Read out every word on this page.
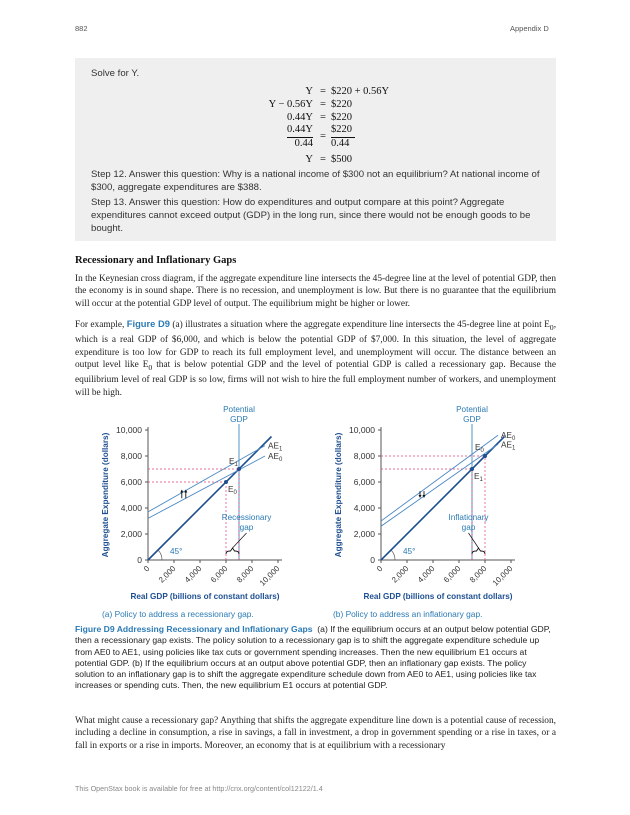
882	Appendix D

Solve for Y.

Y = $220 + 0.56Y
Y − 0.56Y = $220
0.44Y = $220
0.44Y
0.44
=
$220
0.44
Y = $500

Step 12. Answer this question: Why is a national income of $300 not an equilibrium? At national income of $300, aggregate expenditures are $388.

Step 13. Answer this question: How do expenditures and output compare at this point? Aggregate expenditures cannot exceed output (GDP) in the long run, since there would not be enough goods to be bought.

Recessionary and Inflationary Gaps

In the Keynesian cross diagram, if the aggregate expenditure line intersects the 45-degree line at the level of potential GDP, then the economy is in sound shape. There is no recession, and unemployment is low. But there is no guarantee that the equilibrium will occur at the potential GDP level of output. The equilibrium might be higher or lower.

For example, Figure D9 (a) illustrates a situation where the aggregate expenditure line intersects the 45-degree line at point $E_0$, which is a real GDP of $6,000, and which is below the potential GDP of $7,000. In this situation, the level of aggregate expenditure is too low for GDP to reach its full employment level, and unemployment will occur. The distance between an output level like $E_0$ that is below potential GDP and the level of potential GDP is called a recessionary gap. Because the equilibrium level of real GDP is so low, firms will not wish to hire the full employment number of workers, and unemployment will be high.

0
2,000
4,000
6,000
8,000
10,000
0 2,000 4,000 6,000 8,000 10,000
Real GDP (billions of constant dollars)
Aggregate Expenditure (dollars)
Potential
GDP
$AE_1$
$AE_0$
$E_0$
$E_1$
Recessionary
gap
45°
0
2,000
4,000
6,000
8,000
10,000
0 2,000 4,000 6,000 8,000 10,000
Real GDP (billions of constant dollars)
Aggregate Expenditure (dollars)
Potential
GDP
$AE_0$
$AE_1$
$E_0$
$E_1$
Inflationary
gap
45°
(a) Policy to address a recessionary gap.	(b) Policy to address an inflationary gap.

Figure D9 Addressing Recessionary and Inflationary Gaps (a) If the equilibrium occurs at an output below potential GDP, then a recessionary gap exists. The policy solution to a recessionary gap is to shift the aggregate expenditure schedule up from AE0 to AE1, using policies like tax cuts or government spending increases. Then the new equilibrium E1 occurs at potential GDP. (b) If the equilibrium occurs at an output above potential GDP, then an inflationary gap exists. The policy solution to an inflationary gap is to shift the aggregate expenditure schedule down from AE0 to AE1, using policies like tax increases or spending cuts. Then, the new equilibrium E1 occurs at potential GDP.

What might cause a recessionary gap? Anything that shifts the aggregate expenditure line down is a potential cause of recession, including a decline in consumption, a rise in savings, a fall in investment, a drop in government spending or a rise in taxes, or a fall in exports or a rise in imports. Moreover, an economy that is at equilibrium with a recessionary

This OpenStax book is available for free at http://cnx.org/content/col12122/1.4
